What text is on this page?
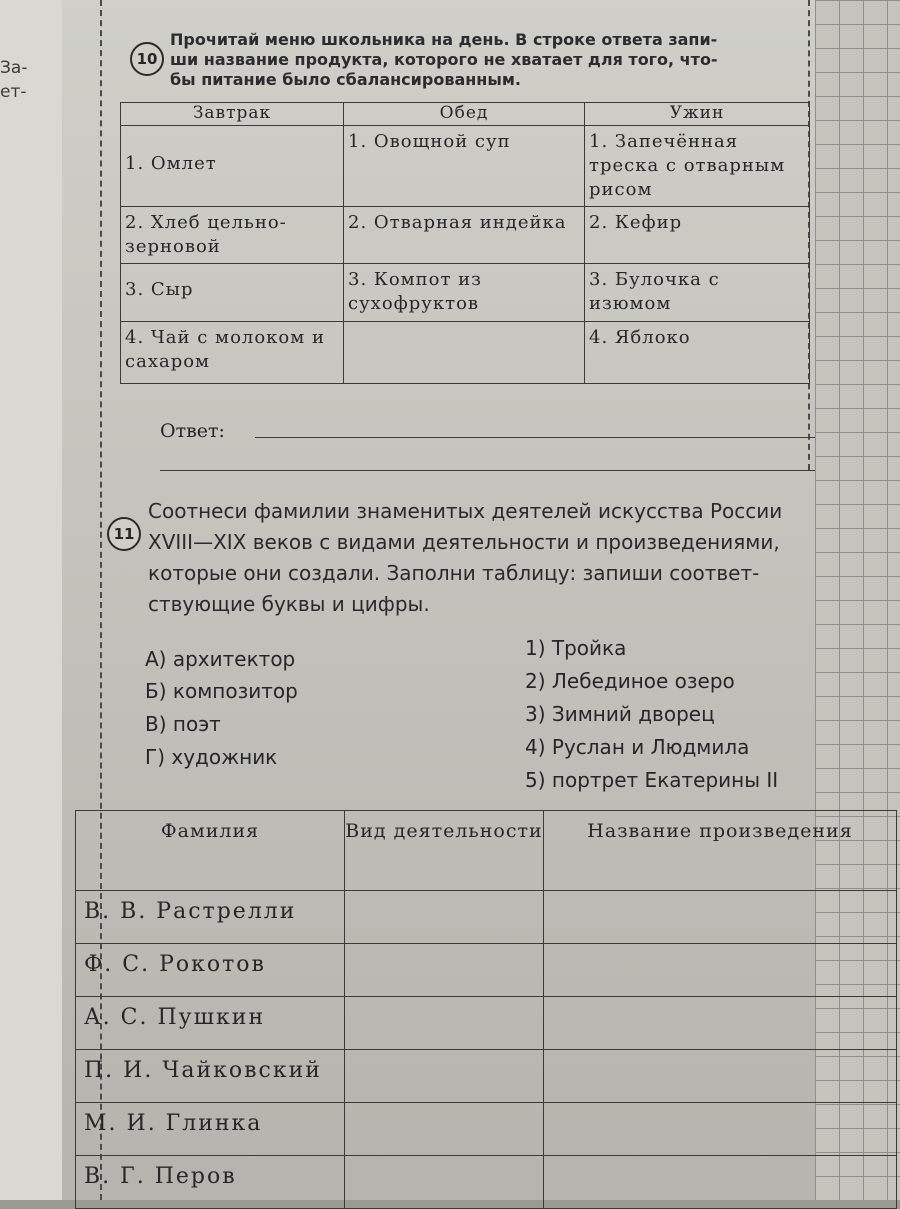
За-
ет-
10
Прочитай меню школьника на день. В строке ответа запи-
ши название продукта, которого не хватает для того, что-
бы питание было сбалансированным.
Завтрак	Обед	Ужин
1. Омлет	1. Овощной суп	1. Запечённая треска с отварным рисом
2. Хлеб цельно-зерновой	2. Отварная индейка	2. Кефир
3. Сыр	3. Компот из сухофруктов	3. Булочка с изюмом
4. Чай с молоком и сахаром		4. Яблоко
Ответ:
11
Соотнеси фамилии знаменитых деятелей искусства России
XVIII—XIX веков с видами деятельности и произведениями,
которые они создали. Заполни таблицу: запиши соответ-
ствующие буквы и цифры.
А) архитектор
Б) композитор
В) поэт
Г) художник
1) Тройка
2) Лебединое озеро
3) Зимний дворец
4) Руслан и Людмила
5) портрет Екатерины II
Фамилия	Вид деятельности	Название произведения
В. В. Растрелли		
Ф. С. Рокотов		
А. С. Пушкин		
П. И. Чайковский		
М. И. Глинка		
В. Г. Перов		
